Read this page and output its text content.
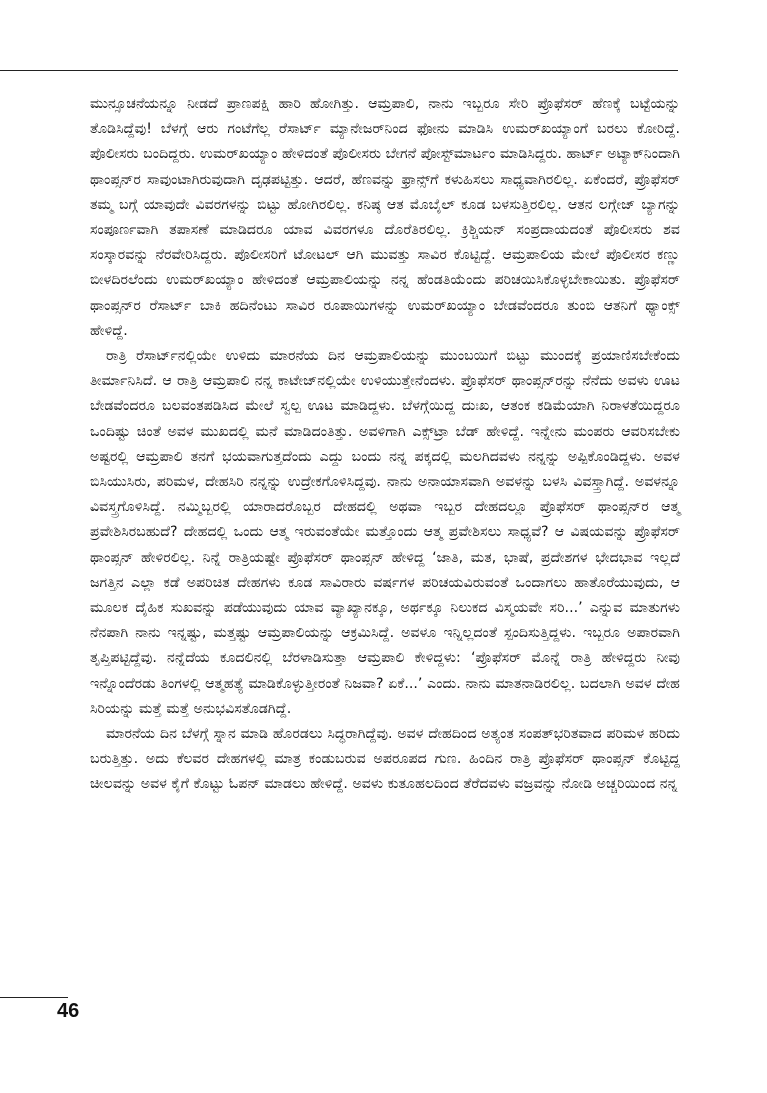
ಮುನ್ಸೂಚನೆಯನ್ನೂ ನೀಡದೆ ಪ್ರಾಣಪಕ್ಷಿ ಹಾರಿ ಹೋಗಿತ್ತು. ಆಮ್ರಪಾಲಿ, ನಾನು ಇಬ್ಬರೂ ಸೇರಿ ಪ್ರೊಫೆಸರ್ ಹೆಣಕ್ಕೆ ಬಟ್ಟೆಯನ್ನು ತೊಡಿಸಿದ್ದೆವು! ಬೆಳಗ್ಗೆ ಆರು ಗಂಟೆಗೆಲ್ಲ ರೆಸಾರ್ಟ್ ಮ್ಯಾನೇಜರ್‌ನಿಂದ ಫೋನು ಮಾಡಿಸಿ ಉಮರ್‌ಖಯ್ಯಾಂಗೆ ಬರಲು ಕೋರಿದ್ದೆ. ಪೊಲೀಸರು ಬಂದಿದ್ದರು. ಉಮರ್‌ಖಯ್ಯಾಂ ಹೇಳಿದಂತೆ ಪೊಲೀಸರು ಬೇಗನೆ ಪೋಸ್ಟ್‌ಮಾರ್ಟಂ ಮಾಡಿಸಿದ್ದರು. ಹಾರ್ಟ್ ಅಟ್ಯಾಕ್‌ನಿಂದಾಗಿ ಥಾಂಪ್ಸನ್‌ರ ಸಾವುಂಟಾಗಿರುವುದಾಗಿ ದೃಢಪಟ್ಟಿತ್ತು. ಆದರೆ, ಹೆಣವನ್ನು ಫ್ರಾನ್ಸ್‌ಗೆ ಕಳುಹಿಸಲು ಸಾಧ್ಯವಾಗಿರಲಿಲ್ಲ. ಏಕೆಂದರೆ, ಪ್ರೊಫೆಸರ್ ತಮ್ಮ ಬಗ್ಗೆ ಯಾವುದೇ ವಿವರಗಳನ್ನು ಬಿಟ್ಟು ಹೋಗಿರಲಿಲ್ಲ. ಕನಿಷ್ಠ ಆತ ಮೊಬೈಲ್ ಕೂಡ ಬಳಸುತ್ತಿರಲಿಲ್ಲ. ಆತನ ಲಗ್ಗೇಜ್ ಬ್ಯಾಗನ್ನು ಸಂಪೂರ್ಣವಾಗಿ ತಪಾಸಣೆ ಮಾಡಿದರೂ ಯಾವ ವಿವರಗಳೂ ದೊರೆತಿರಲಿಲ್ಲ. ಕ್ರಿಶ್ಚಿಯನ್ ಸಂಪ್ರದಾಯದಂತೆ ಪೊಲೀಸರು ಶವ ಸಂಸ್ಕಾರವನ್ನು ನೆರವೇರಿಸಿದ್ದರು. ಪೊಲೀಸರಿಗೆ ಟೋಟಲ್ ಆಗಿ ಮುವತ್ತು ಸಾವಿರ ಕೊಟ್ಟಿದ್ದೆ. ಆಮ್ರಪಾಲಿಯ ಮೇಲೆ ಪೊಲೀಸರ ಕಣ್ಣು ಬೀಳದಿರಲೆಂದು ಉಮರ್‌ಖಯ್ಯಾಂ ಹೇಳಿದಂತೆ ಆಮ್ರಪಾಲಿಯನ್ನು ನನ್ನ ಹೆಂಡತಿಯೆಂದು ಪರಿಚಯಿಸಿಕೊಳ್ಳಬೇಕಾಯಿತು. ಪ್ರೊಫೆಸರ್ ಥಾಂಪ್ಸನ್‌ರ ರೆಸಾರ್ಟ್ ಬಾಕಿ ಹದಿನೆಂಟು ಸಾವಿರ ರೂಪಾಯಿಗಳನ್ನು ಉಮರ್‌ಖಯ್ಯಾಂ ಬೇಡವೆಂದರೂ ತುಂಬಿ ಆತನಿಗೆ ಥ್ಯಾಂಕ್ಸ್ ಹೇಳಿದ್ದೆ.

ರಾತ್ರಿ ರೆಸಾರ್ಟ್‌ನಲ್ಲಿಯೇ ಉಳಿದು ಮಾರನೆಯ ದಿನ ಆಮ್ರಪಾಲಿಯನ್ನು ಮುಂಬಯಿಗೆ ಬಿಟ್ಟು ಮುಂದಕ್ಕೆ ಪ್ರಯಾಣಿಸಬೇಕೆಂದು ತೀರ್ಮಾನಿಸಿದೆ. ಆ ರಾತ್ರಿ ಆಮ್ರಪಾಲಿ ನನ್ನ ಕಾಟೇಜ್‌ನಲ್ಲಿಯೇ ಉಳಿಯುತ್ತೇನೆಂದಳು. ಪ್ರೊಫೆಸರ್ ಥಾಂಪ್ಸನ್‌ರನ್ನು ನೆನೆದು ಅವಳು ಊಟ ಬೇಡವೆಂದರೂ ಬಲವಂತಪಡಿಸಿದ ಮೇಲೆ ಸ್ವಲ್ಪ ಊಟ ಮಾಡಿದ್ದಳು. ಬೆಳಗ್ಗೆಯಿದ್ದ ದುಃಖ, ಆತಂಕ ಕಡಿಮೆಯಾಗಿ ನಿರಾಳತೆಯಿದ್ದರೂ ಒಂದಿಷ್ಟು ಚಿಂತೆ ಅವಳ ಮುಖದಲ್ಲಿ ಮನೆ ಮಾಡಿದಂತಿತ್ತು. ಅವಳಿಗಾಗಿ ಎಕ್ಸ್‌ಟ್ರಾ ಬೆಡ್ ಹೇಳಿದ್ದೆ. ಇನ್ನೇನು ಮಂಪರು ಆವರಿಸಬೇಕು ಅಷ್ಟರಲ್ಲಿ ಆಮ್ರಪಾಲಿ ತನಗೆ ಭಯವಾಗುತ್ತದೆಂದು ಎದ್ದು ಬಂದು ನನ್ನ ಪಕ್ಕದಲ್ಲಿ ಮಲಗಿದವಳು ನನ್ನನ್ನು ಅಪ್ಪಿಕೊಂಡಿದ್ದಳು. ಅವಳ ಬಿಸಿಯುಸಿರು, ಪರಿಮಳ, ದೇಹಸಿರಿ ನನ್ನನ್ನು ಉದ್ರೇಕಗೊಳಿಸಿದ್ದವು. ನಾನು ಅನಾಯಾಸವಾಗಿ ಅವಳನ್ನು ಬಳಸಿ ವಿವಸ್ತ್ರಾಗಿದ್ದೆ. ಅವಳನ್ನೂ ವಿವಸ್ತ್ರಗೊಳಿಸಿದ್ದೆ. ನಮ್ಮಿಬ್ಬರಲ್ಲಿ ಯಾರಾದರೊಬ್ಬರ ದೇಹದಲ್ಲಿ ಅಥವಾ ಇಬ್ಬರ ದೇಹದಲ್ಲೂ ಪ್ರೊಫೆಸರ್ ಥಾಂಪ್ಸನ್‌ರ ಆತ್ಮ ಪ್ರವೇಶಿಸಿರಬಹುದೆ? ದೇಹದಲ್ಲಿ ಒಂದು ಆತ್ಮ ಇರುವಂತೆಯೇ ಮತ್ತೊಂದು ಆತ್ಮ ಪ್ರವೇಶಿಸಲು ಸಾಧ್ಯವೆ? ಆ ವಿಷಯವನ್ನು ಪ್ರೊಫೆಸರ್ ಥಾಂಪ್ಸನ್ ಹೇಳಿರಲಿಲ್ಲ. ನಿನ್ನೆ ರಾತ್ರಿಯಷ್ಟೇ ಪ್ರೊಫೆಸರ್ ಥಾಂಪ್ಸನ್ ಹೇಳಿದ್ದ ‘ಜಾತಿ, ಮತ, ಭಾಷೆ, ಪ್ರದೇಶಗಳ ಭೇದಭಾವ ಇಲ್ಲದೆ ಜಗತ್ತಿನ ಎಲ್ಲಾ ಕಡೆ ಅಪರಿಚಿತ ದೇಹಗಳು ಕೂಡ ಸಾವಿರಾರು ವರ್ಷಗಳ ಪರಿಚಯವಿರುವಂತೆ ಒಂದಾಗಲು ಹಾತೊರೆಯುವುದು, ಆ ಮೂಲಕ ದೈಹಿಕ ಸುಖವನ್ನು ಪಡೆಯುವುದು ಯಾವ ವ್ಯಾಖ್ಯಾನಕ್ಕೂ, ಅರ್ಥಕ್ಕೂ ನಿಲುಕದ ವಿಸ್ಮಯವೇ ಸರಿ...’ ಎನ್ನುವ ಮಾತುಗಳು ನೆನಪಾಗಿ ನಾನು ಇನ್ನಷ್ಟು, ಮತ್ತಷ್ಟು ಆಮ್ರಪಾಲಿಯನ್ನು ಆಕ್ರಮಿಸಿದ್ದೆ. ಅವಳೂ ಇನ್ನಿಲ್ಲದಂತೆ ಸ್ಪಂದಿಸುತ್ತಿದ್ದಳು. ಇಬ್ಬರೂ ಅಪಾರವಾಗಿ ತೃಪ್ತಿಪಟ್ಟಿದ್ದೆವು. ನನ್ನೆದೆಯ ಕೂದಲಿನಲ್ಲಿ ಬೆರಳಾಡಿಸುತ್ತಾ ಆಮ್ರಪಾಲಿ ಕೇಳಿದ್ದಳು: ‘ಪ್ರೊಫೆಸರ್ ಮೊನ್ನೆ ರಾತ್ರಿ ಹೇಳಿದ್ದರು ನೀವು ಇನ್ನೊಂದೆರಡು ತಿಂಗಳಲ್ಲಿ ಆತ್ಮಹತ್ಯೆ ಮಾಡಿಕೊಳ್ಳುತ್ತೀರಂತೆ ನಿಜವಾ? ಏಕೆ...’ ಎಂದು. ನಾನು ಮಾತನಾಡಿರಲಿಲ್ಲ. ಬದಲಾಗಿ ಅವಳ ದೇಹ ಸಿರಿಯನ್ನು ಮತ್ತೆ ಮತ್ತೆ ಅನುಭವಿಸತೊಡಗಿದ್ದೆ.

ಮಾರನೆಯ ದಿನ ಬೆಳಗ್ಗೆ ಸ್ನಾನ ಮಾಡಿ ಹೊರಡಲು ಸಿದ್ಧರಾಗಿದ್ದೆವು. ಅವಳ ದೇಹದಿಂದ ಅತ್ಯಂತ ಸಂಪತ್‌ಭರಿತವಾದ ಪರಿಮಳ ಹರಿದು ಬರುತ್ತಿತ್ತು. ಅದು ಕೆಲವರ ದೇಹಗಳಲ್ಲಿ ಮಾತ್ರ ಕಂಡುಬರುವ ಅಪರೂಪದ ಗುಣ. ಹಿಂದಿನ ರಾತ್ರಿ ಪ್ರೊಫೆಸರ್ ಥಾಂಪ್ಸನ್ ಕೊಟ್ಟಿದ್ದ ಚೀಲವನ್ನು ಅವಳ ಕೈಗೆ ಕೊಟ್ಟು ಓಪನ್ ಮಾಡಲು ಹೇಳಿದ್ದೆ. ಅವಳು ಕುತೂಹಲದಿಂದ ತೆರೆದವಳು ವಜ್ರವನ್ನು ನೋಡಿ ಅಚ್ಚರಿಯಿಂದ ನನ್ನ

46
